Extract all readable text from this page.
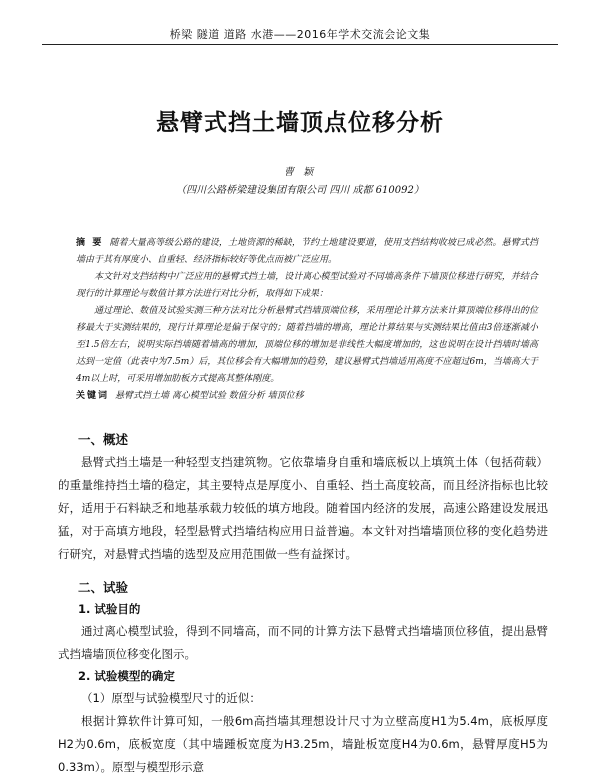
桥梁 隧道 道路 水港——2016年学术交流会论文集
悬臂式挡土墙顶点位移分析
曹 颖
（四川公路桥梁建设集团有限公司 四川 成都 610092）

摘 要 随着大量高等级公路的建设，土地资源的稀缺，节约土地建设要道，使用支挡结构收坡已成必然。悬臂式挡墙由于其有厚度小、自重轻、经济指标较好等优点而被广泛应用。

本文针对支挡结构中广泛应用的悬臂式挡土墙，设计离心模型试验对不同墙高条件下墙顶位移进行研究，并结合现行的计算理论与数值计算方法进行对比分析，取得如下成果：

通过理论、数值及试验实测三种方法对比分析悬臂式挡墙顶端位移，采用理论计算方法来计算顶端位移得出的位移最大于实测结果的，现行计算理论是偏于保守的；随着挡墙的增高，理论计算结果与实测结果比值由3倍逐渐减小至1.5倍左右，说明实际挡墙随着墙高的增加，顶端位移的增加是非线性大幅度增加的，这也说明在设计挡墙时墙高达到一定值（此表中为7.5m）后，其位移会有大幅增加的趋势，建议悬臂式挡墙适用高度不应超过6m，当墙高大于4m以上时，可采用增加肋板方式提高其整体刚度。

关键词 悬臂式挡土墙 离心模型试验 数值分析 墙顶位移

一、概述

悬臂式挡土墙是一种轻型支挡建筑物。它依靠墙身自重和墙底板以上填筑土体（包括荷载）的重量维持挡土墙的稳定，其主要特点是厚度小、自重轻、挡土高度较高，而且经济指标也比较好，适用于石料缺乏和地基承载力较低的填方地段。随着国内经济的发展，高速公路建设发展迅猛，对于高填方地段，轻型悬臂式挡墙结构应用日益普遍。本文针对挡墙墙顶位移的变化趋势进行研究，对悬臂式挡墙的选型及应用范围做一些有益探讨。

二、试验
1. 试验目的

通过离心模型试验，得到不同墙高，而不同的计算方法下悬臂式挡墙墙顶位移值，提出悬臂式挡墙墙顶位移变化图示。

2. 试验模型的确定

（1）原型与试验模型尺寸的近似：

根据计算软件计算可知，一般6m高挡墙其理想设计尺寸为立壁高度H1为5.4m，底板厚度H2为0.6m，底板宽度（其中墙踵板宽度为H3.25m，墙趾板宽度H4为0.6m，悬臂厚度H5为0.33m）。原型与模型形示意
